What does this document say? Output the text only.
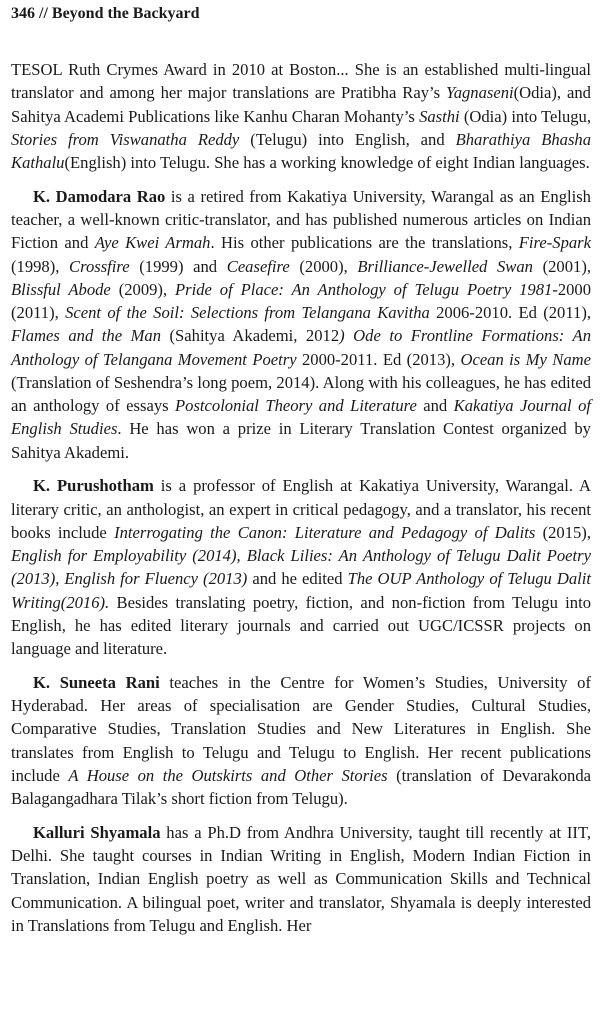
346 // Beyond the Backyard

TESOL Ruth Crymes Award in 2010 at Boston... She is an established multi-lingual translator and among her major translations are Pratibha Ray’s Yagnaseni(Odia), and Sahitya Academi Publications like Kanhu Charan Mohanty’s Sasthi (Odia) into Telugu, Stories from Viswanatha Reddy (Telugu) into English, and Bharathiya Bhasha Kathalu(English) into Telugu. She has a working knowledge of eight Indian languages.

K. Damodara Rao is a retired from Kakatiya University, Warangal as an English teacher, a well-known critic-translator, and has published numerous articles on Indian Fiction and Aye Kwei Armah. His other publications are the translations, Fire-Spark (1998), Crossfire (1999) and Ceasefire (2000), Brilliance-Jewelled Swan (2001), Blissful Abode (2009), Pride of Place: An Anthology of Telugu Poetry 1981-2000 (2011), Scent of the Soil: Selections from Telangana Kavitha 2006-2010. Ed (2011), Flames and the Man (Sahitya Akademi, 2012) Ode to Frontline Formations: An Anthology of Telangana Movement Poetry 2000-2011. Ed (2013), Ocean is My Name (Translation of Seshendra’s long poem, 2014). Along with his colleagues, he has edited an anthology of essays Postcolonial Theory and Literature and Kakatiya Journal of English Studies. He has won a prize in Literary Translation Contest organized by Sahitya Akademi.

K. Purushotham is a professor of English at Kakatiya University, Warangal. A literary critic, an anthologist, an expert in critical pedagogy, and a translator, his recent books include Interrogating the Canon: Literature and Pedagogy of Dalits (2015), English for Employability (2014), Black Lilies: An Anthology of Telugu Dalit Poetry (2013), English for Fluency (2013) and he edited The OUP Anthology of Telugu Dalit Writing(2016). Besides translating poetry, fiction, and non-fiction from Telugu into English, he has edited literary journals and carried out UGC/ICSSR projects on language and literature.

K. Suneeta Rani teaches in the Centre for Women’s Studies, University of Hyderabad. Her areas of specialisation are Gender Studies, Cultural Studies, Comparative Studies, Translation Studies and New Literatures in English. She translates from English to Telugu and Telugu to English. Her recent publications include A House on the Outskirts and Other Stories (translation of Devarakonda Balagangadhara Tilak’s short fiction from Telugu).

Kalluri Shyamala has a Ph.D from Andhra University, taught till recently at IIT, Delhi. She taught courses in Indian Writing in English, Modern Indian Fiction in Translation, Indian English poetry as well as Communication Skills and Technical Communication. A bilingual poet, writer and translator, Shyamala is deeply interested in Translations from Telugu and English. Her
